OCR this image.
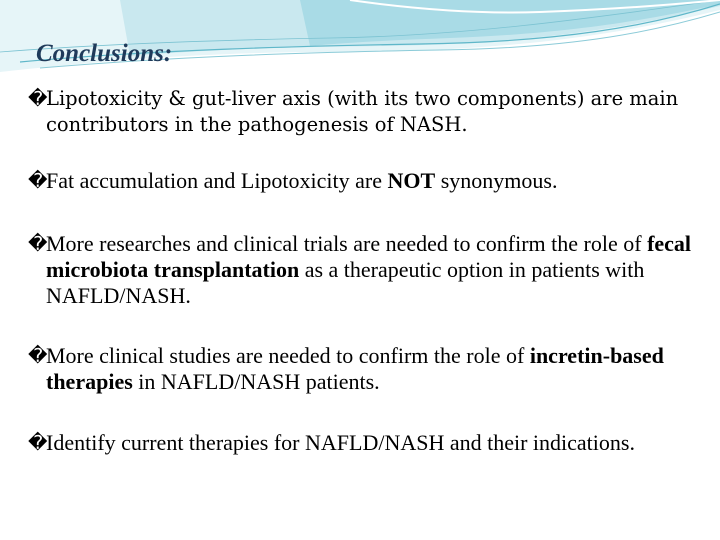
Conclusions:
�
Lipotoxicity & gut-liver axis (with its two components) are main contributors in the pathogenesis of NASH.
�
Fat accumulation and Lipotoxicity are NOT synonymous.
�
More researches and clinical trials are needed to confirm the role of fecal microbiota transplantation as a therapeutic option in patients with NAFLD/NASH.
�
More clinical studies are needed to confirm the role of incretin-based therapies in NAFLD/NASH patients.
�
Identify current therapies for NAFLD/NASH and their indications.
